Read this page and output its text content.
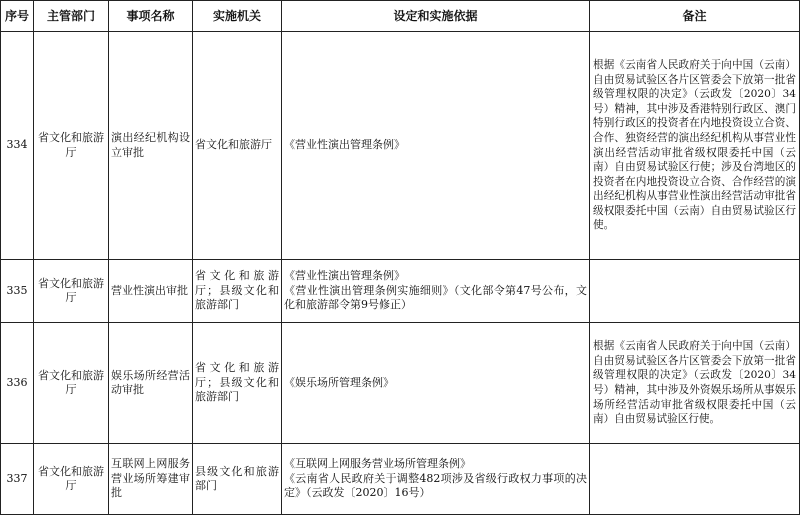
序号	主管部门	事项名称	实施机关	设定和实施依据	备注
334	省文化和旅游厅	演出经纪机构设立审批	省文化和旅游厅	《营业性演出管理条例》	根据《云南省人民政府关于向中国（云南）自由贸易试验区各片区管委会下放第一批省级管理权限的决定》（云政发〔2020〕34号）精神，其中涉及香港特别行政区、澳门特别行政区的投资者在内地投资设立合资、合作、独资经营的演出经纪机构从事营业性演出经营活动审批省级权限委托中国（云南）自由贸易试验区行使；涉及台湾地区的投资者在内地投资设立合资、合作经营的演出经纪机构从事营业性演出经营活动审批省级权限委托中国（云南）自由贸易试验区行使。
335	省文化和旅游厅	营业性演出审批	省文化和旅游厅；县级文化和旅游部门	《营业性演出管理条例》
《营业性演出管理条例实施细则》（文化部令第47号公布，文化和旅游部令第9号修正）	

336	省文化和旅游厅	娱乐场所经营活动审批	省文化和旅游厅；县级文化和旅游部门	《娱乐场所管理条例》	根据《云南省人民政府关于向中国（云南）自由贸易试验区各片区管委会下放第一批省级管理权限的决定》（云政发〔2020〕34号）精神，其中涉及外资娱乐场所从事娱乐场所经营活动审批省级权限委托中国（云南）自由贸易试验区行使。
337	省文化和旅游厅	互联网上网服务营业场所筹建审批	县级文化和旅游部门	《互联网上网服务营业场所管理条例》
《云南省人民政府关于调整482项涉及省级行政权力事项的决定》（云政发〔2020〕16号）	
